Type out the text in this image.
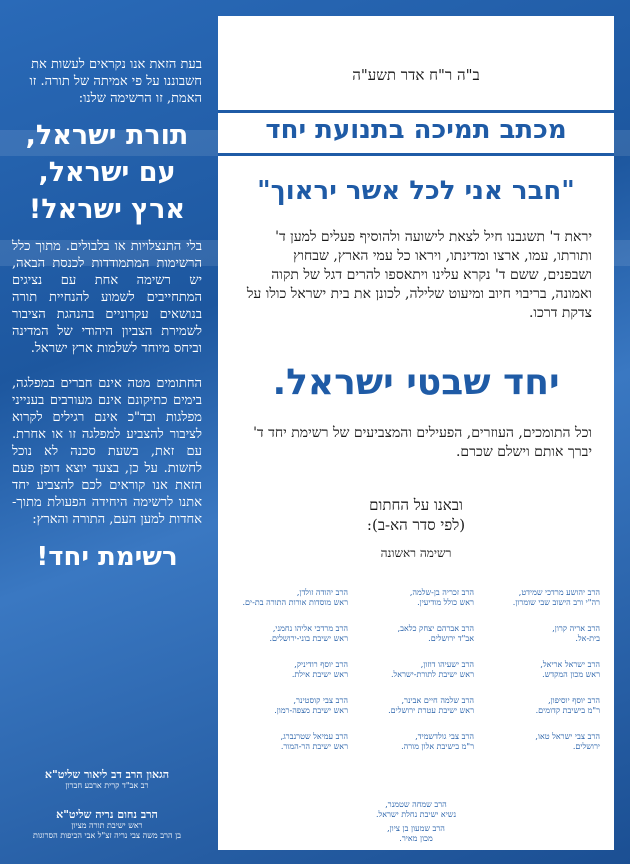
בעת הזאת אנו נקראים לעשות את חשבוננו על פי אמיתה של תורה. זו האמת, זו הרשימה שלנו:
תורת ישראל,
עם ישראל,
ארץ ישראל!
בלי התנצלויות או בלבולים. מתוך כלל הרשימות המתמודדות לכנסת הבאה, יש רשימה אחת עם נציגים המתחייבים לשמוע להנחיית תורה בנושאים עקרוניים בהנהגת הציבור לשמירת הצביון היהודי של המדינה וביחס מיוחד לשלמות ארץ ישראל.
החתומים מטה אינם חברים במפלגה, בימים כתיקונם אינם מעורבים בענייני מפלגות ובד"כ אינם רגילים לקרוא לציבור להצביע למפלגה זו או אחרת. עם זאת, בשעת סכנה לא נוכל לחשות. על כן, בצעד יוצא דופן פעם הזאת אנו קוראים לכם להצביע יחד אתנו לרשימה היחידה הפעולת מתוך- אחדות למען העם, התורה והארץ:
רשימת יחד!
הגאון הרב דב ליאור שליט"א
רב אב"ד קרית ארבע חברון
הרב נחום נריה שליט"א
ראש ישיבת תורה מציון
בן הרב משה צבי נריה זצ"ל אבי הכיפות הסרוגות
ב"ה ר"ח אדר תשע"ה
מכתב תמיכה בתנועת יחד
"חבר אני לכל אשר יראוך"
יראת ד' תשגבנו חיל לצאת לישועה ולהוסיף פעלים למען ד' ותורתו, עמו, ארצו ומדינתו, ויראו כל עמי הארץ, שבחוץ ושבפנים, ששם ד' נקרא עלינו ויתאספו להרים דגל של תקוה ואמונה, בריבוי חיוב ומיעוט שלילה, לכונן את בית ישראל כולו על צדקת דרכו.
יחד שבטי ישראל.
וכל התומכים, העוזרים, הפעילים והמצביעים של רשימת יחד ד' יברך אותם וישלם שכרם.
ובאנו על החתום
(לפי סדר הא-ב):
רשימה ראשונה
הרב יהושע מרדכי שמידט,
רה"י ורב הישוב שבי שומרון.
הרב זכריה בן-שלמה,
ראש כולל מודיעין.
הרב יהודה זולדן,
ראש מוסדות אורות התורה בת-ים.
הרב אריה קרון,
בית-אל.
הרב אברהם יצחק כלאב,
אב"ד ירושלים.
הרב מרדכי אליהו נחמני,
ראש ישיבת בוני-ירושלים.
הרב ישראל אריאל,
ראש מכון המקדש.
הרב ישעיהו דוזון,
ראש ישיבת לתורת-ישראל.
הרב יוסף רודיניק,
ראש ישיבת אילת.
הרב יוסף יוסיפון,
ר"מ בישיבת קדומים.
הרב שלמה חיים אבינר,
ראש ישיבת עטרת ירושלים.
הרב צבי קוסטינר,
ראש ישיבת מצפה-רמון.
הרב צבי ישראל טאו,
ירושלים.
הרב צבי גולדשמיד,
ר"מ בישיבת אלון מורה.
הרב עמיאל שטרנברג,
ראש ישיבת הר-המור.
הרב שמחה שטמנר,
נשיא ישיבת נחלת ישראל.
הרב שמעון בן ציון,
מכון מאיר.
